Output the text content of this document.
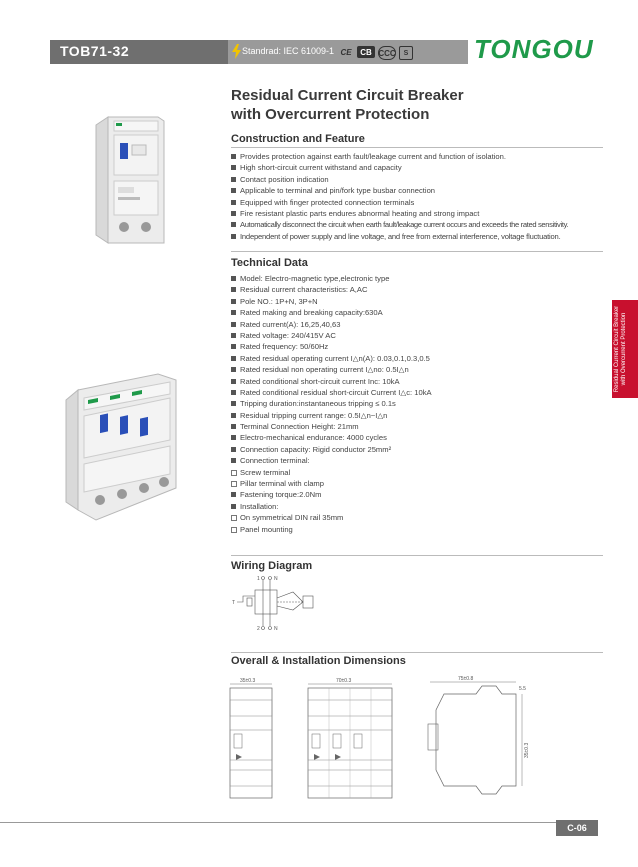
TOB71-32	Standrad: IEC 61009-1 CE	CB CCC	S	TONGOU
Residual Current Circuit Breaker
with Overcurrent Protection
Construction and Feature
Provides protection against earth fault/leakage current and function of isolation.
High short-circuit current withstand and capacity
Contact position indication
Applicable to terminal and pin/fork type busbar connection
Equipped with finger protected connection terminals
Fire resistant plastic parts endures abnormal heating and strong impact
Automatically disconnect the circuit when earth fault/leakage current occurs and exceeds the rated sensitivity.
Independent of power supply and line voltage, and free from external interference, voltage fluctuation.
Technical Data
Model: Electro-magnetic type,electronic type
Residual current characteristics: A,AC
Pole NO.: 1P+N, 3P+N
Rated making and breaking capacity:630A
Rated current(A): 16,25,40,63
Rated voltage: 240/415V AC
Rated frequency: 50/60Hz
Rated residual operating current I△n(A): 0.03,0.1,0.3,0.5
Rated residual non operating current I△no: 0.5I△n
Rated conditional short-circuit current Inc: 10kA
Rated conditional residual short-circuit Current I△c: 10kA
Tripping duration:instantaneous tripping ≤ 0.1s
Residual tripping current range: 0.5I△n~I△n
Terminal Connection Height: 21mm
Electro-mechanical endurance: 4000 cycles
Connection capacity: Rigid conductor 25mm²
Connection terminal:
Screw terminal
Pillar terminal with clamp
Fastening torque:2.0Nm
Installation:
On symmetrical DIN rail 35mm
Panel mounting
Wiring Diagram
1	N
2	N
T
Overall & Installation Dimensions
35±0.3	70±0.3	75±0.8
5.5
35±0.3
Residual Current Circuit Breaker with Overcurrent Protection
C-06
